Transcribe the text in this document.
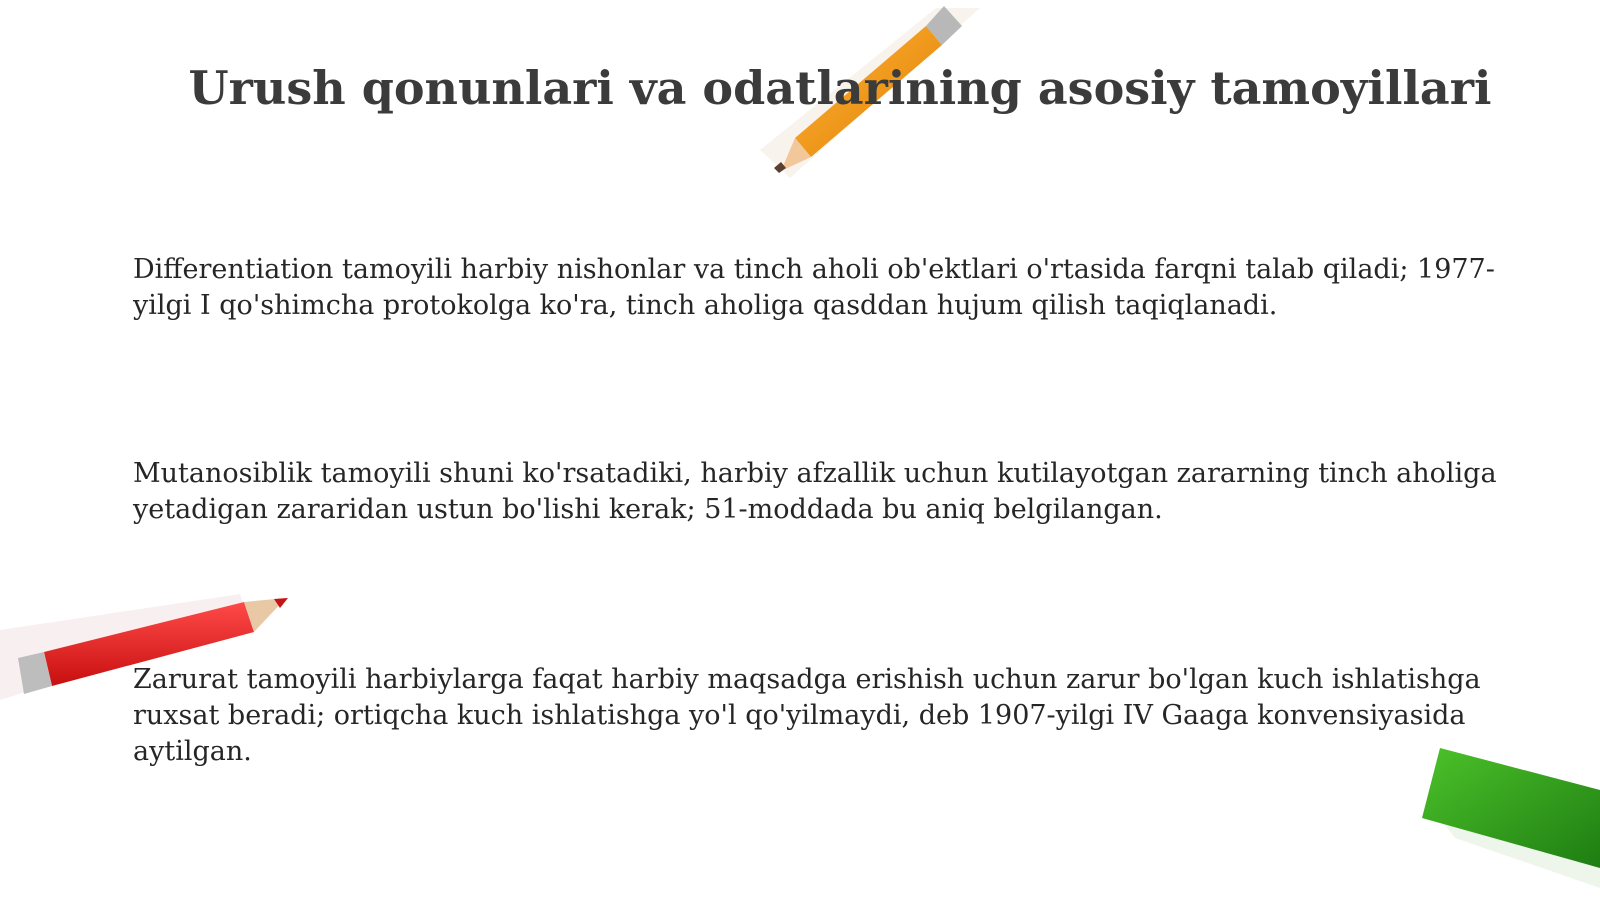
Urush qonunlari va odatlarining asosiy tamoyillari

Differentiation tamoyili harbiy nishonlar va tinch aholi ob'ektlari o'rtasida farqni talab qiladi; 1977-yilgi I qo'shimcha protokolga ko'ra, tinch aholiga qasddan hujum qilish taqiqlanadi.

Mutanosiblik tamoyili shuni ko'rsatadiki, harbiy afzallik uchun kutilayotgan zararning tinch aholiga yetadigan zararidan ustun bo'lishi kerak; 51-moddada bu aniq belgilangan.

Zarurat tamoyili harbiylarga faqat harbiy maqsadga erishish uchun zarur bo'lgan kuch ishlatishga ruxsat beradi; ortiqcha kuch ishlatishga yo'l qo'yilmaydi, deb 1907-yilgi IV Gaaga konvensiyasida aytilgan.
